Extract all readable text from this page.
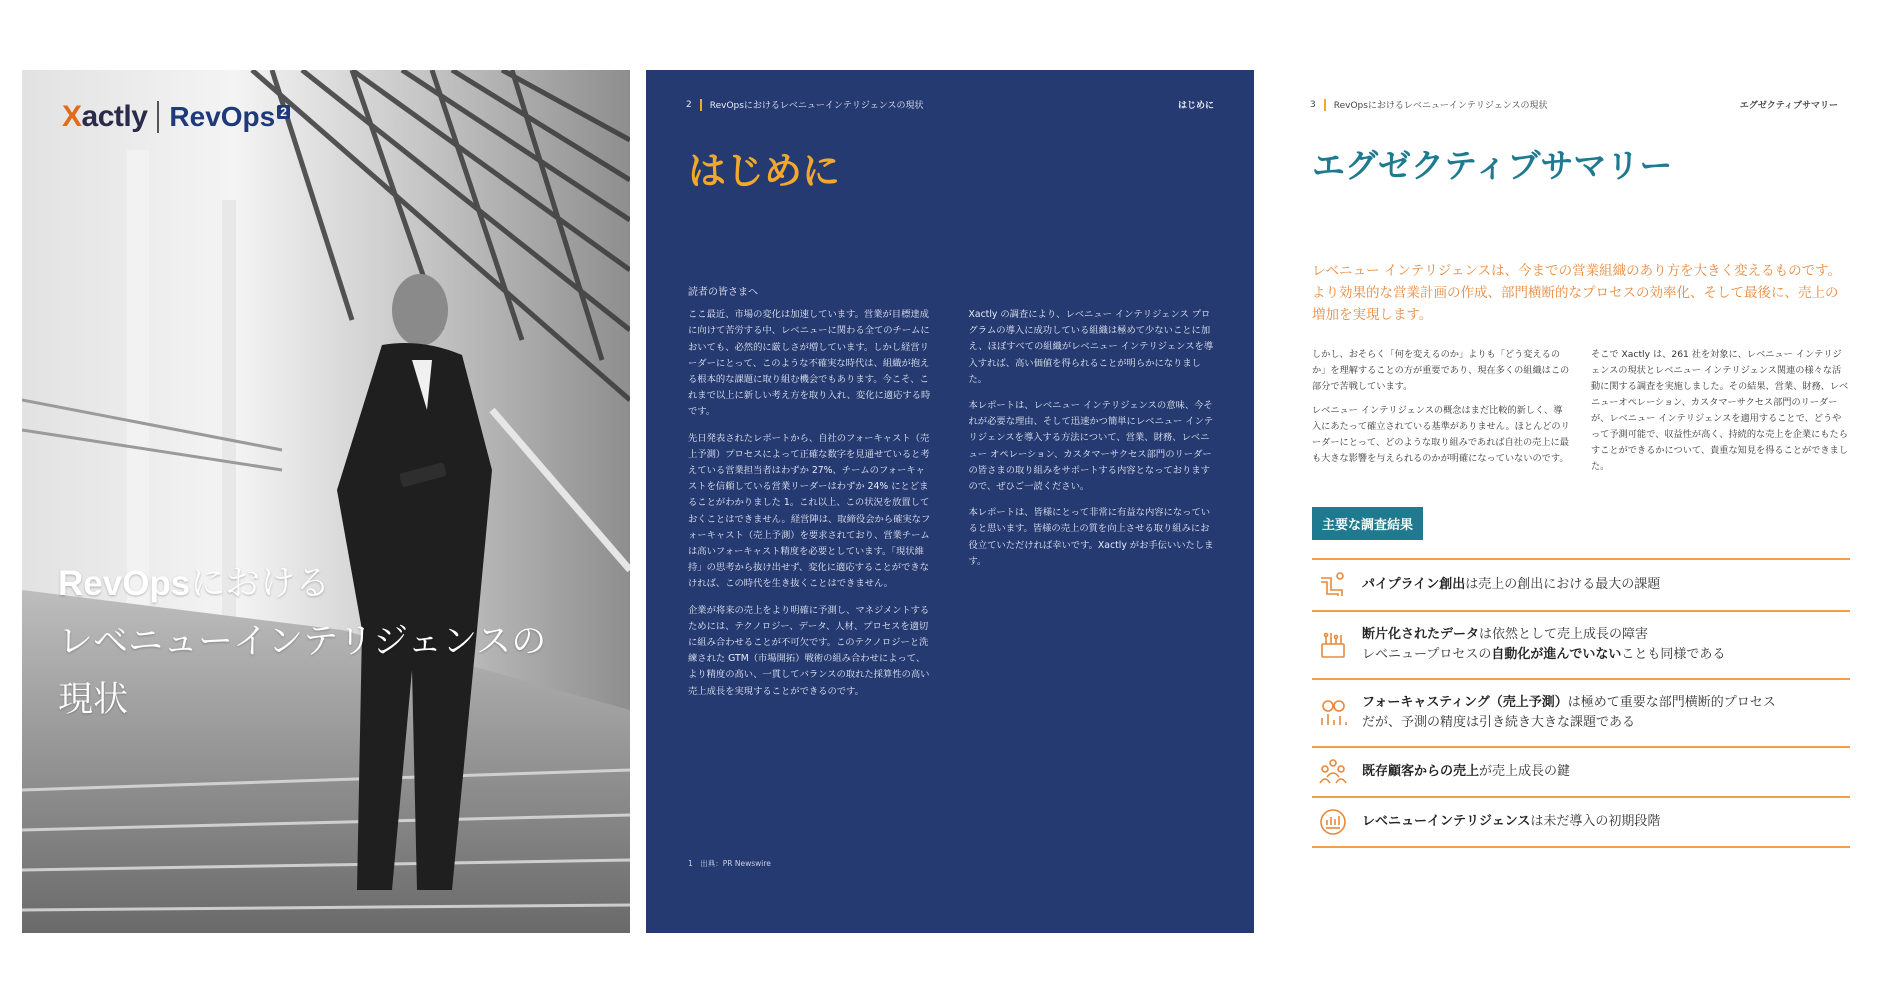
Xactly RevOps $^2$
RevOpsにおける
レベニューインテリジェンスの
現状
2 RevOpsにおけるレベニューインテリジェンスの現状	はじめに
はじめに
読者の皆さまへ

ここ最近、市場の変化は加速しています。営業が目標達成に向けて苦労する中、レベニューに関わる全てのチームにおいても、必然的に厳しさが増しています。しかし経営リーダーにとって、このような不確実な時代は、組織が抱える根本的な課題に取り組む機会でもあります。今こそ、これまで以上に新しい考え方を取り入れ、変化に適応する時です。

先日発表されたレポートから、自社のフォーキャスト（売上予測）プロセスによって正確な数字を見通せていると考えている営業担当者はわずか 27%、チームのフォーキャストを信頼している営業リーダーはわずか 24% にとどまることがわかりました 1。これ以上、この状況を放置しておくことはできません。経営陣は、取締役会から確実なフォーキャスト（売上予測）を要求されており、営業チームは高いフォーキャスト精度を必要としています。「現状維持」の思考から抜け出せず、変化に適応することができなければ、この時代を生き抜くことはできません。

企業が将来の売上をより明確に予測し、マネジメントするためには、テクノロジー、データ、人材、プロセスを適切に組み合わせることが不可欠です。このテクノロジーと洗練された GTM（市場開拓）戦術の組み合わせによって、より精度の高い、一貫してバランスの取れた採算性の高い売上成長を実現することができるのです。

Xactly の調査により、レベニュー インテリジェンス プログラムの導入に成功している組織は極めて少ないことに加え、ほぼすべての組織がレベニュー インテリジェンスを導入すれば、高い価値を得られることが明らかになりました。

本レポートは、レベニュー インテリジェンスの意味、今それが必要な理由、そして迅速かつ簡単にレベニュー インテリジェンスを導入する方法について、営業、財務、レベニュー オペレーション、カスタマーサクセス部門のリーダーの皆さまの取り組みをサポートする内容となっておりますので、ぜひご一読ください。

本レポートは、皆様にとって非常に有益な内容になっていると思います。皆様の売上の質を向上させる取り組みにお役立ていただければ幸いです。Xactly がお手伝いいたします。

1　出典：PR Newswire
3 RevOpsにおけるレベニューインテリジェンスの現状	エグゼクティブサマリー
エグゼクティブサマリー
レベニュー インテリジェンスは、今までの営業組織のあり方を大きく変えるものです。より効果的な営業計画の作成、部門横断的なプロセスの効率化、そして最後に、売上の増加を実現します。

しかし、おそらく「何を変えるのか」よりも「どう変えるのか」を理解することの方が重要であり、現在多くの組織はこの部分で苦戦しています。

レベニュー インテリジェンスの概念はまだ比較的新しく、導入にあたって確立されている基準がありません。ほとんどのリーダーにとって、どのような取り組みであれば自社の売上に最も大きな影響を与えられるのかが明確になっていないのです。

そこで Xactly は、261 社を対象に、レベニュー インテリジェンスの現状とレベニュー インテリジェンス関連の様々な活動に関する調査を実施しました。その結果、営業、財務、レベニューオペレーション、カスタマーサクセス部門のリーダーが、レベニュー インテリジェンスを適用することで、どうやって予測可能で、収益性が高く、持続的な売上を企業にもたらすことができるかについて、貴重な知見を得ることができました。

主要な調査結果
パイプライン創出は売上の創出における最大の課題
断片化されたデータは依然として売上成長の障害
レベニュープロセスの自動化が進んでいないことも同様である
フォーキャスティング（売上予測）は極めて重要な部門横断的プロセス
だが、予測の精度は引き続き大きな課題である
既存顧客からの売上が売上成長の鍵
レベニューインテリジェンスは未だ導入の初期段階
